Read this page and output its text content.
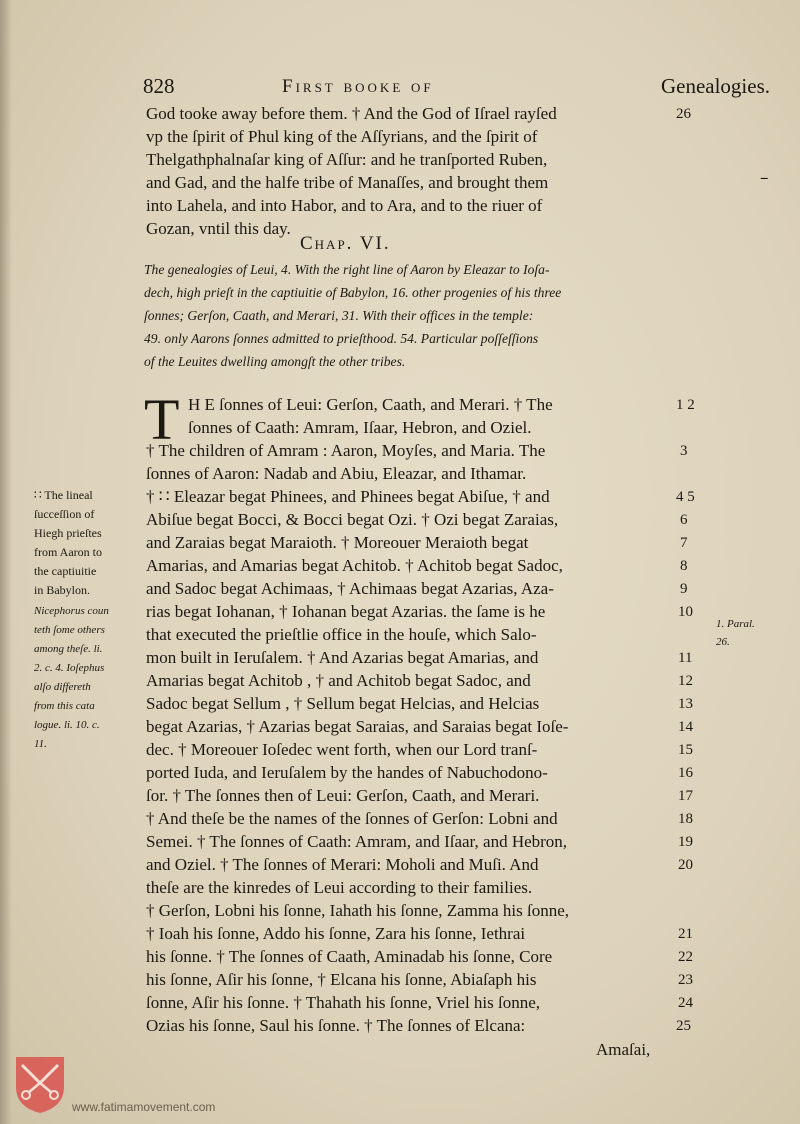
828	First booke of	Genealogies.
God tooke away before them. † And the God of Iſrael rayſed	26
vp the ſpirit of Phul king of the Aſſyrians, and the ſpirit of
Thelgathphalnaſar king of Aſſur: and he tranſported Ruben,
and Gad, and the halfe tribe of Manaſſes, and brought them
into Lahela, and into Habor, and to Ara, and to the riuer of
Gozan, vntil this day.
–
Chap. VI.
The genealogies of Leui, 4. With the right line of Aaron by Eleazar to Ioſa-
dech, high prieſt in the captiuitie of Babylon, 16. other progenies of his three
ſonnes; Gerſon, Caath, and Merari, 31. With their offices in the temple:
49. only Aarons ſonnes admitted to prieſthood. 54. Particular poſſeſſions
of the Leuites dwelling amongſt the other tribes.
T H E ſonnes of Leui: Gerſon, Caath, and Merari. † The	1 2
ſonnes of Caath: Amram, Iſaar, Hebron, and Oziel.
† The children of Amram : Aaron, Moyſes, and Maria. The	3
ſonnes of Aaron: Nadab and Abiu, Eleazar, and Ithamar.
† ∷ Eleazar begat Phinees, and Phinees begat Abiſue, † and	4 5
Abiſue begat Bocci, & Bocci begat Ozi. † Ozi begat Zaraias,	6
and Zaraias begat Maraioth. † Moreouer Meraioth begat	7
Amarias, and Amarias begat Achitob. † Achitob begat Sadoc,	8
and Sadoc begat Achimaas, † Achimaas begat Azarias, Aza-	9
rias begat Iohanan, † Iohanan begat Azarias. the ſame is he	10
that executed the prieſtlie office in the houſe, which Salo-
mon built in Ieruſalem. † And Azarias begat Amarias, and	11
Amarias begat Achitob , † and Achitob begat Sadoc, and	12
Sadoc begat Sellum , † Sellum begat Helcias, and Helcias	13
begat Azarias, † Azarias begat Saraias, and Saraias begat Ioſe-	14
dec. † Moreouer Ioſedec went forth, when our Lord tranſ-	15
ported Iuda, and Ieruſalem by the handes of Nabuchodono-	16
ſor. † The ſonnes then of Leui: Gerſon, Caath, and Merari.	17
† And theſe be the names of the ſonnes of Gerſon: Lobni and	18
Semei. † The ſonnes of Caath: Amram, and Iſaar, and Hebron,	19
and Oziel. † The ſonnes of Merari: Moholi and Muſi. And	20
theſe are the kinredes of Leui according to their families.
† Gerſon, Lobni his ſonne, Iahath his ſonne, Zamma his ſonne,
† Ioah his ſonne, Addo his ſonne, Zara his ſonne, Iethrai	21
his ſonne. † The ſonnes of Caath, Aminadab his ſonne, Core	22
his ſonne, Aſir his ſonne, † Elcana his ſonne, Abiaſaph his	23
ſonne, Aſir his ſonne. † Thahath his ſonne, Vriel his ſonne,	24
Ozias his ſonne, Saul his ſonne. † The ſonnes of Elcana:	25
Amaſai,
∷ The lineal
ſucceſſion of
Hiegh prieſtes
from Aaron to
the captiuitie
in Babylon.
Nicephorus coun
teth ſome others
among theſe. li.
2. c. 4. Ioſephus
alſo differeth
from this cata
logue. li. 10. c.
11.
1. Paral.
26.
www.fatimamovement.com
